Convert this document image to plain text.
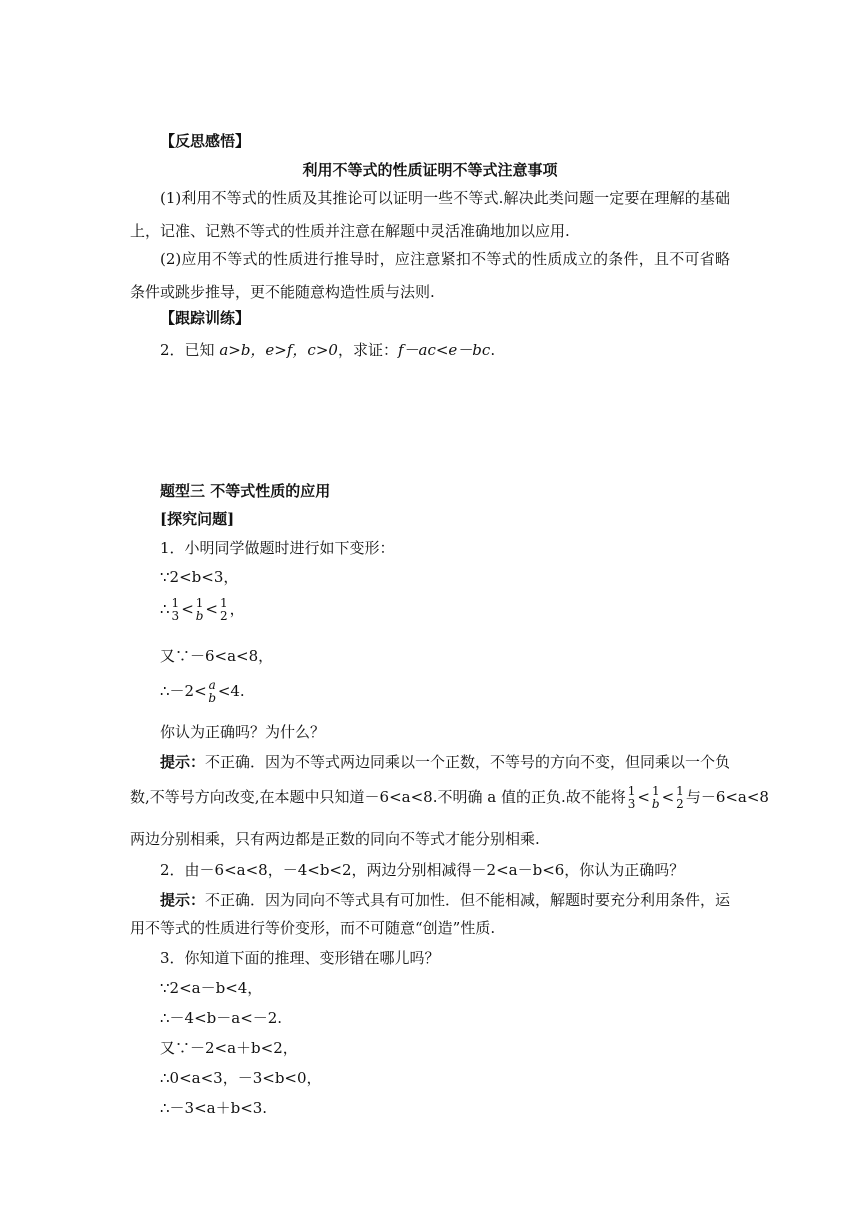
【反思感悟】
利用不等式的性质证明不等式注意事项
(1)利用不等式的性质及其推论可以证明一些不等式.解决此类问题一定要在理解的基础上，记准、记熟不等式的性质并注意在解题中灵活准确地加以应用.
(2)应用不等式的性质进行推导时，应注意紧扣不等式的性质成立的条件，且不可省略条件或跳步推导，更不能随意构造性质与法则.
【跟踪训练】
2．已知 a>b，e>f，c>0，求证：f－ac<e－bc.
题型三 不等式性质的应用
[探究问题]
1．小明同学做题时进行如下变形：
∵2<b<3，
∴ 1
3 < 1
b < 1
2 ，
又∵－6<a<8，
∴－2< a
b <4.
你认为正确吗？为什么？
提示：不正确．因为不等式两边同乘以一个正数，不等号的方向不变，但同乘以一个负
数,不等号方向改变,在本题中只知道－6<a<8.不明确 a 值的正负.故不能将 1
3 < 1
b < 1
2 与－6<a<8
两边分别相乘，只有两边都是正数的同向不等式才能分别相乘.
2．由－6<a<8，－4<b<2，两边分别相减得－2<a－b<6，你认为正确吗？
提示：不正确．因为同向不等式具有可加性．但不能相减，解题时要充分利用条件，运
用不等式的性质进行等价变形，而不可随意“创造”性质.
3．你知道下面的推理、变形错在哪儿吗？
∵2<a－b<4，
∴－4<b－a<－2.
又∵－2<a＋b<2，
∴0<a<3，－3<b<0，
∴－3<a＋b<3.
